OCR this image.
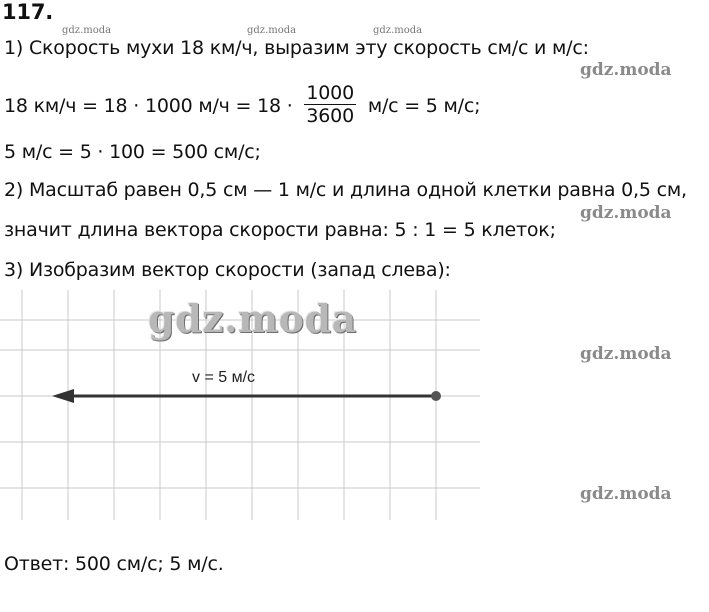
117.
1) Скорость мухи 18 км/ч, выразим эту скорость см/с и м/с:
18 км/ч = 18 · 1000 $м/ч = 18 \cdot \frac{1000}{3600} м/с = 5$ м/с;
5 м/с = 5 · 100 = 500 см/с;
2) Масштаб равен 0,5 см — 1 м/с и длина одной клетки равна 0,5 см,
значит длина вектора скорости равна: 5 : 1 = 5 клеток;
3) Изобразим вектор скорости (запад слева):
v = 5 м/с
Ответ: 500 см/с; 5 м/с.
gdz.moda	gdz.moda	gdz.moda
gdz.moda
gdz.moda
gdz.moda
gdz.moda
gdz.moda
